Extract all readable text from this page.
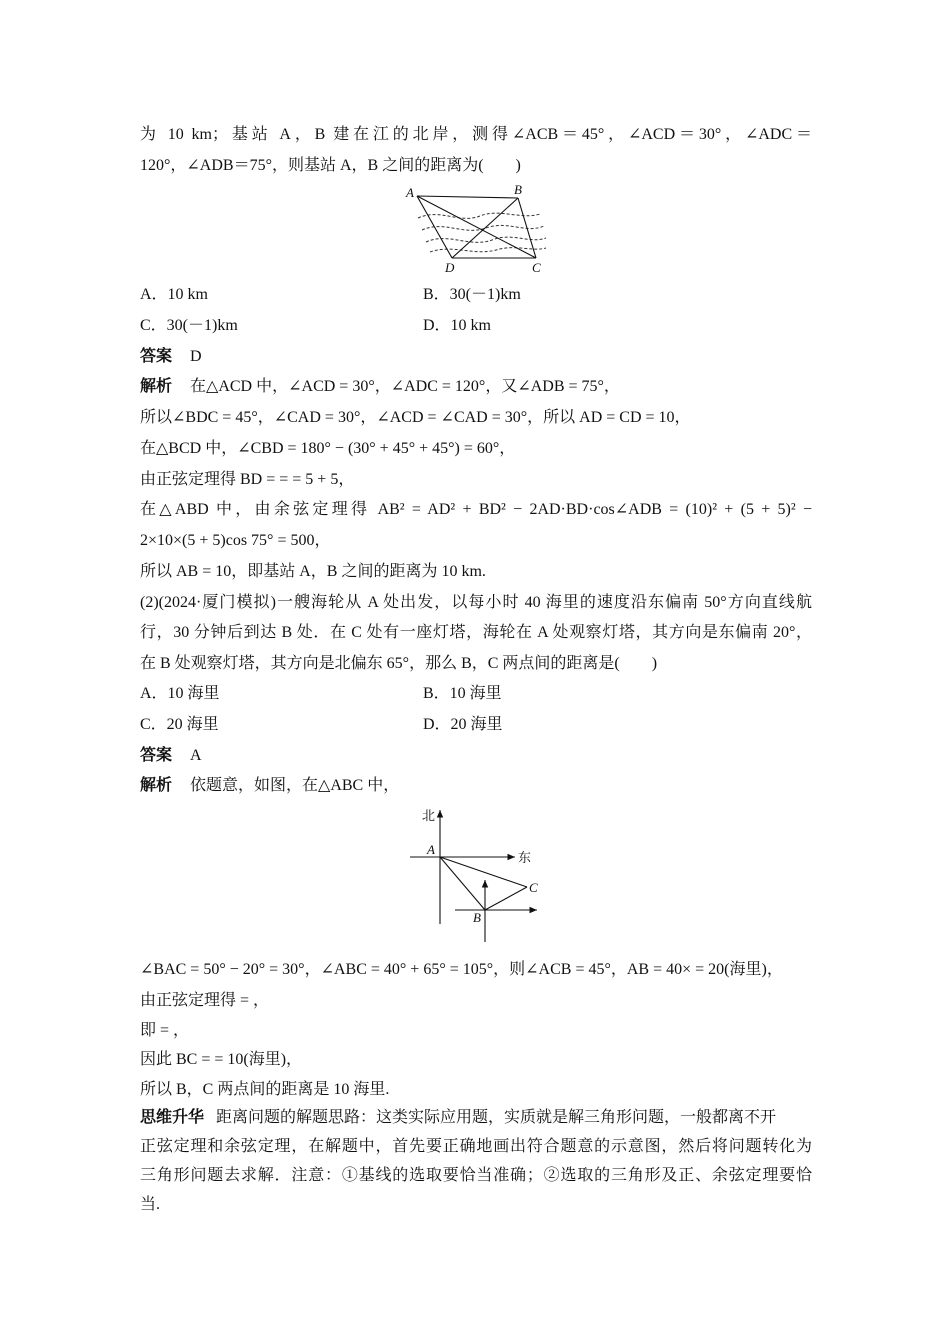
为 10 km；基站 A，B 建在江的北岸，测得∠ACB＝45°，∠ACD＝30°，∠ADC＝
120°，∠ADB＝75°，则基站 A，B 之间的距离为(　　)
A	B
C
D
A．10 km	B．30(－1)km
C．30(－1)km	D．10 km
答案 D
解析 在△ACD 中，∠ACD = 30°，∠ADC = 120°，又∠ADB = 75°，
所以∠BDC = 45°，∠CAD = 30°，∠ACD = ∠CAD = 30°，所以 AD = CD = 10，
在△BCD 中，∠CBD = 180° − (30° + 45° + 45°) = 60°，
由正弦定理得 BD = = = 5 + 5，
在△ABD 中，由余弦定理得 AB² = AD² + BD² − 2AD·BD·cos∠ADB = (10)² + (5 + 5)² −
2×10×(5 + 5)cos 75° = 500，
所以 AB = 10，即基站 A，B 之间的距离为 10 km.
(2)(2024·厦门模拟)一艘海轮从 A 处出发，以每小时 40 海里的速度沿东偏南 50°方向直线航
行，30 分钟后到达 B 处．在 C 处有一座灯塔，海轮在 A 处观察灯塔，其方向是东偏南 20°，
在 B 处观察灯塔，其方向是北偏东 65°，那么 B，C 两点间的距离是(　　)
A．10 海里	B．10 海里
C．20 海里	D．20 海里
答案 A
解析 依题意，如图，在△ABC 中，
北
东
A
B
C
∠BAC = 50° − 20° = 30°，∠ABC = 40° + 65° = 105°，则∠ACB = 45°，AB = 40× = 20(海里)，
由正弦定理得 = ，
即 = ，
因此 BC = = 10(海里)，
所以 B，C 两点间的距离是 10 海里.
思维升华 距离问题的解题思路：这类实际应用题，实质就是解三角形问题，一般都离不开
正弦定理和余弦定理，在解题中，首先要正确地画出符合题意的示意图，然后将问题转化为
三角形问题去求解．注意：①基线的选取要恰当准确；②选取的三角形及正、余弦定理要恰
当.
